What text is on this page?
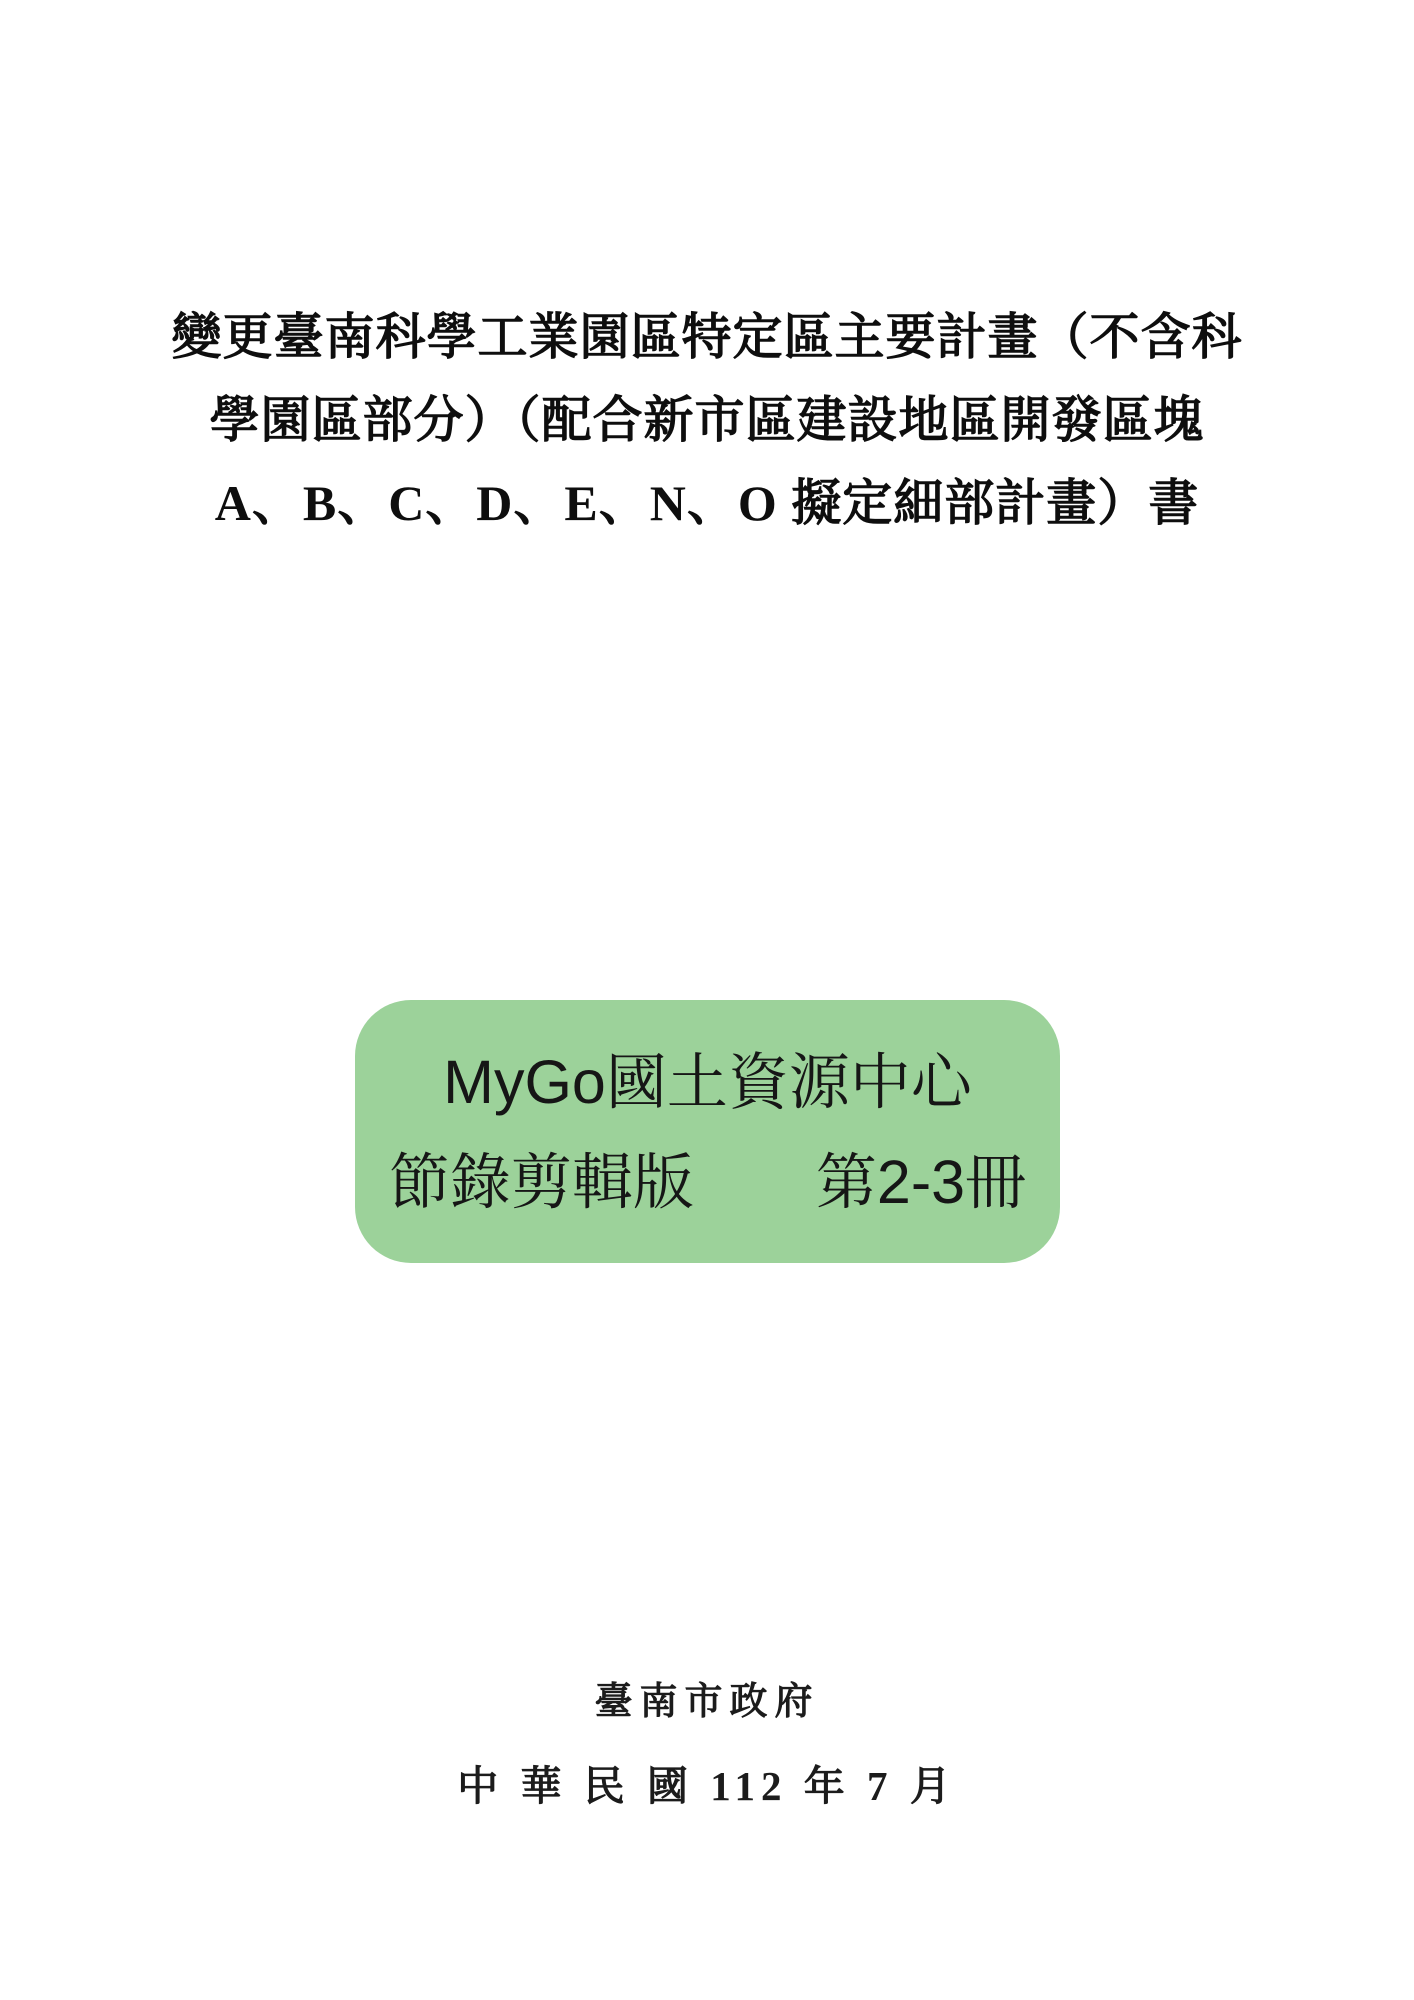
變更臺南科學工業園區特定區主要計畫（不含科
學園區部分）（配合新市區建設地區開發區塊
A、B、C、D、E、N、O 擬定細部計畫）書
MyGo國土資源中心
節錄剪輯版　　第2-3冊
臺南市政府
中 華 民 國 112 年 7 月
